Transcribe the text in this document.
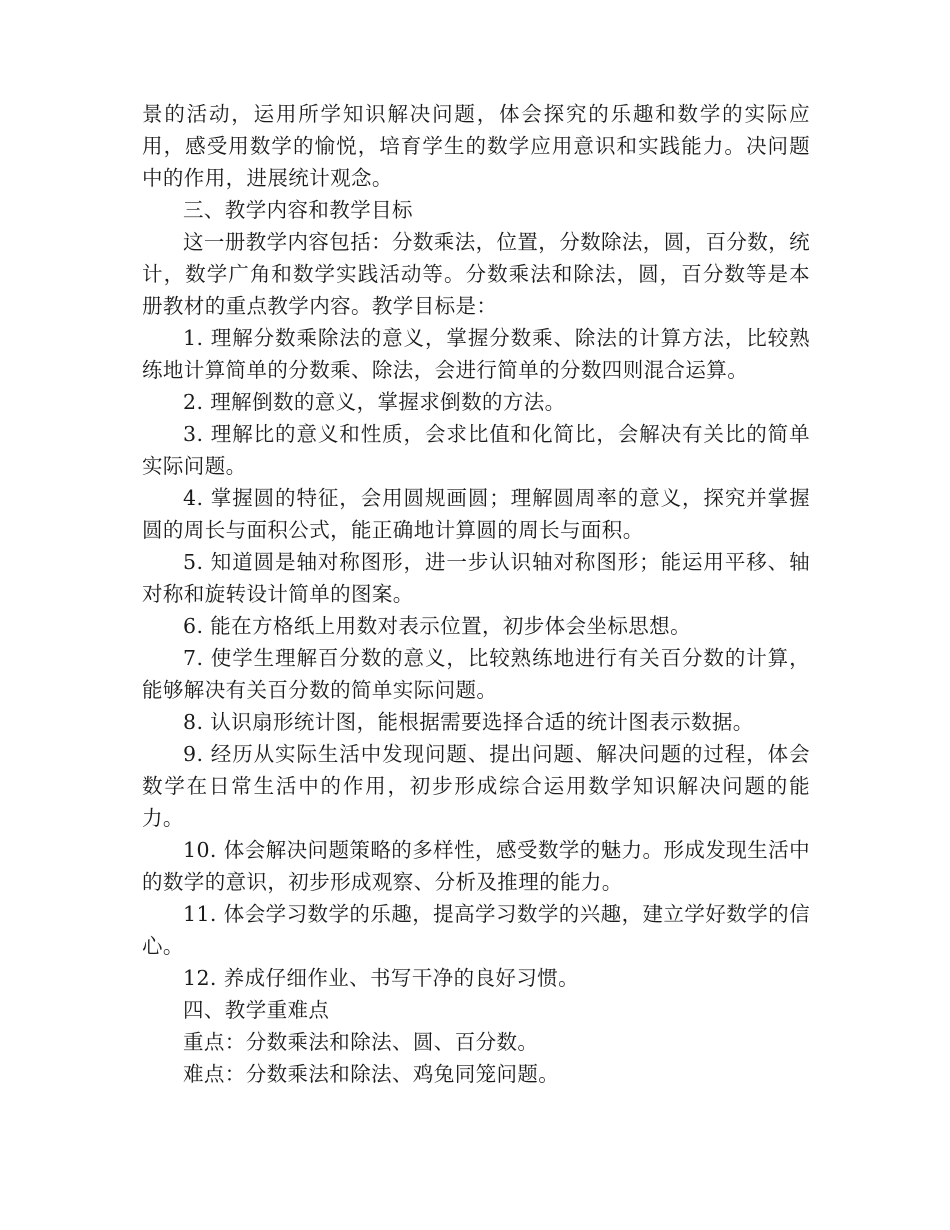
景的活动，运用所学知识解决问题，体会探究的乐趣和数学的实际应用，感受用数学的愉悦，培育学生的数学应用意识和实践能力。决问题中的作用，进展统计观念。

三、教学内容和教学目标

这一册教学内容包括：分数乘法，位置，分数除法，圆，百分数，统计，数学广角和数学实践活动等。分数乘法和除法，圆，百分数等是本册教材的重点教学内容。教学目标是：

1. 理解分数乘除法的意义，掌握分数乘、除法的计算方法，比较熟练地计算简单的分数乘、除法，会进行简单的分数四则混合运算。

2. 理解倒数的意义，掌握求倒数的方法。

3. 理解比的意义和性质，会求比值和化简比，会解决有关比的简单实际问题。

4. 掌握圆的特征，会用圆规画圆；理解圆周率的意义，探究并掌握圆的周长与面积公式，能正确地计算圆的周长与面积。

5. 知道圆是轴对称图形，进一步认识轴对称图形；能运用平移、轴对称和旋转设计简单的图案。

6. 能在方格纸上用数对表示位置，初步体会坐标思想。

7. 使学生理解百分数的意义，比较熟练地进行有关百分数的计算，能够解决有关百分数的简单实际问题。

8. 认识扇形统计图，能根据需要选择合适的统计图表示数据。

9. 经历从实际生活中发现问题、提出问题、解决问题的过程，体会数学在日常生活中的作用，初步形成综合运用数学知识解决问题的能力。

10. 体会解决问题策略的多样性，感受数学的魅力。形成发现生活中的数学的意识，初步形成观察、分析及推理的能力。

11. 体会学习数学的乐趣，提高学习数学的兴趣，建立学好数学的信心。

12. 养成仔细作业、书写干净的良好习惯。

四、教学重难点

重点：分数乘法和除法、圆、百分数。

难点：分数乘法和除法、鸡兔同笼问题。
